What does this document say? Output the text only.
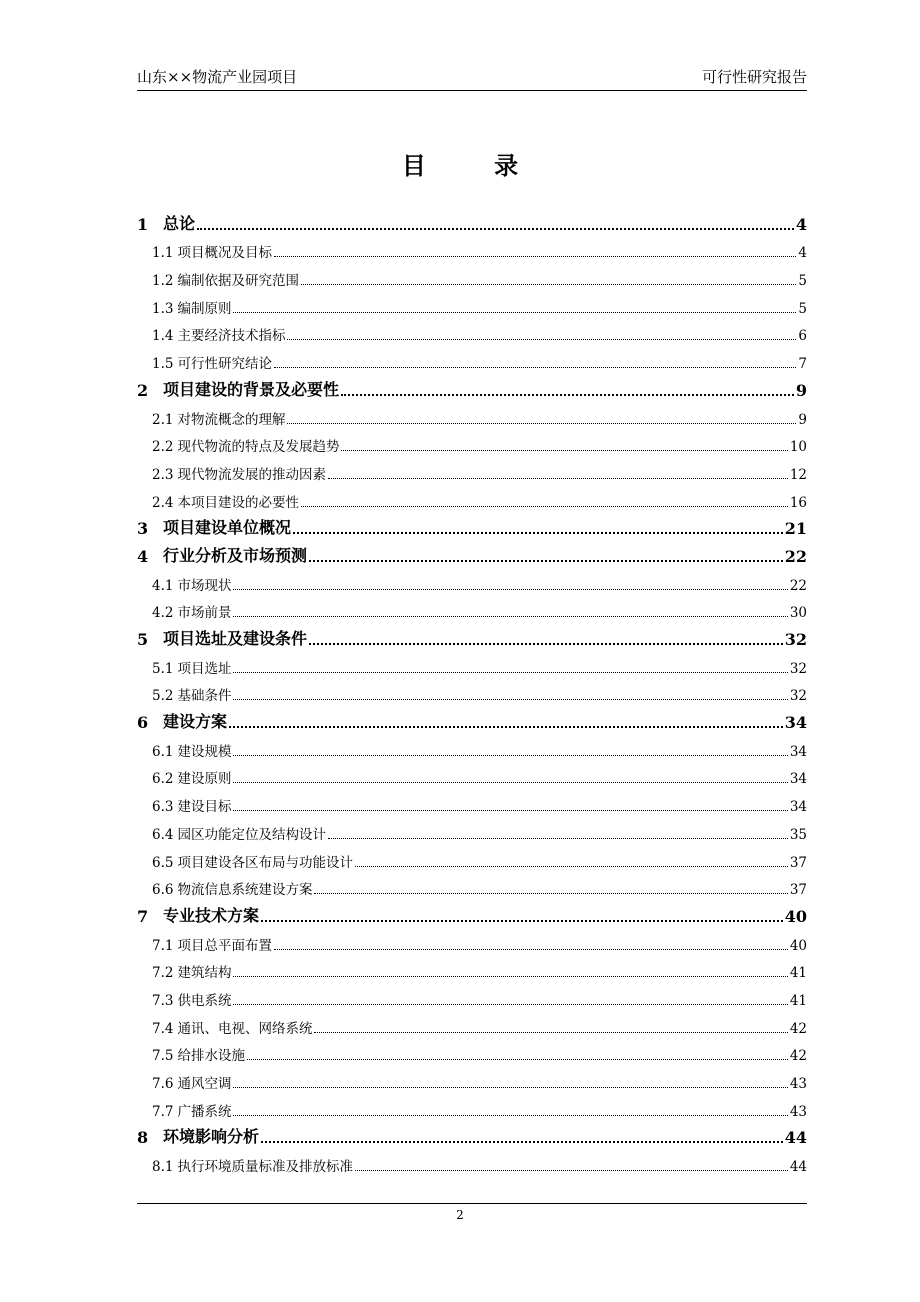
山东××物流产业园项目	可行性研究报告
目 录
1 总论	4
1.1 项目概况及目标	4
1.2 编制依据及研究范围	5
1.3 编制原则	5
1.4 主要经济技术指标	6
1.5 可行性研究结论	7
2 项目建设的背景及必要性	9
2.1 对物流概念的理解	9
2.2 现代物流的特点及发展趋势	10
2.3 现代物流发展的推动因素	12
2.4 本项目建设的必要性	16
3 项目建设单位概况	21
4 行业分析及市场预测	22
4.1 市场现状	22
4.2 市场前景	30
5 项目选址及建设条件	32
5.1 项目选址	32
5.2 基础条件	32
6 建设方案	34
6.1 建设规模	34
6.2 建设原则	34
6.3 建设目标	34
6.4 园区功能定位及结构设计	35
6.5 项目建设各区布局与功能设计	37
6.6 物流信息系统建设方案	37
7 专业技术方案	40
7.1 项目总平面布置	40
7.2 建筑结构	41
7.3 供电系统	41
7.4 通讯、电视、网络系统	42
7.5 给排水设施	42
7.6 通风空调	43
7.7 广播系统	43
8 环境影响分析	44
8.1 执行环境质量标准及排放标准	44
2
